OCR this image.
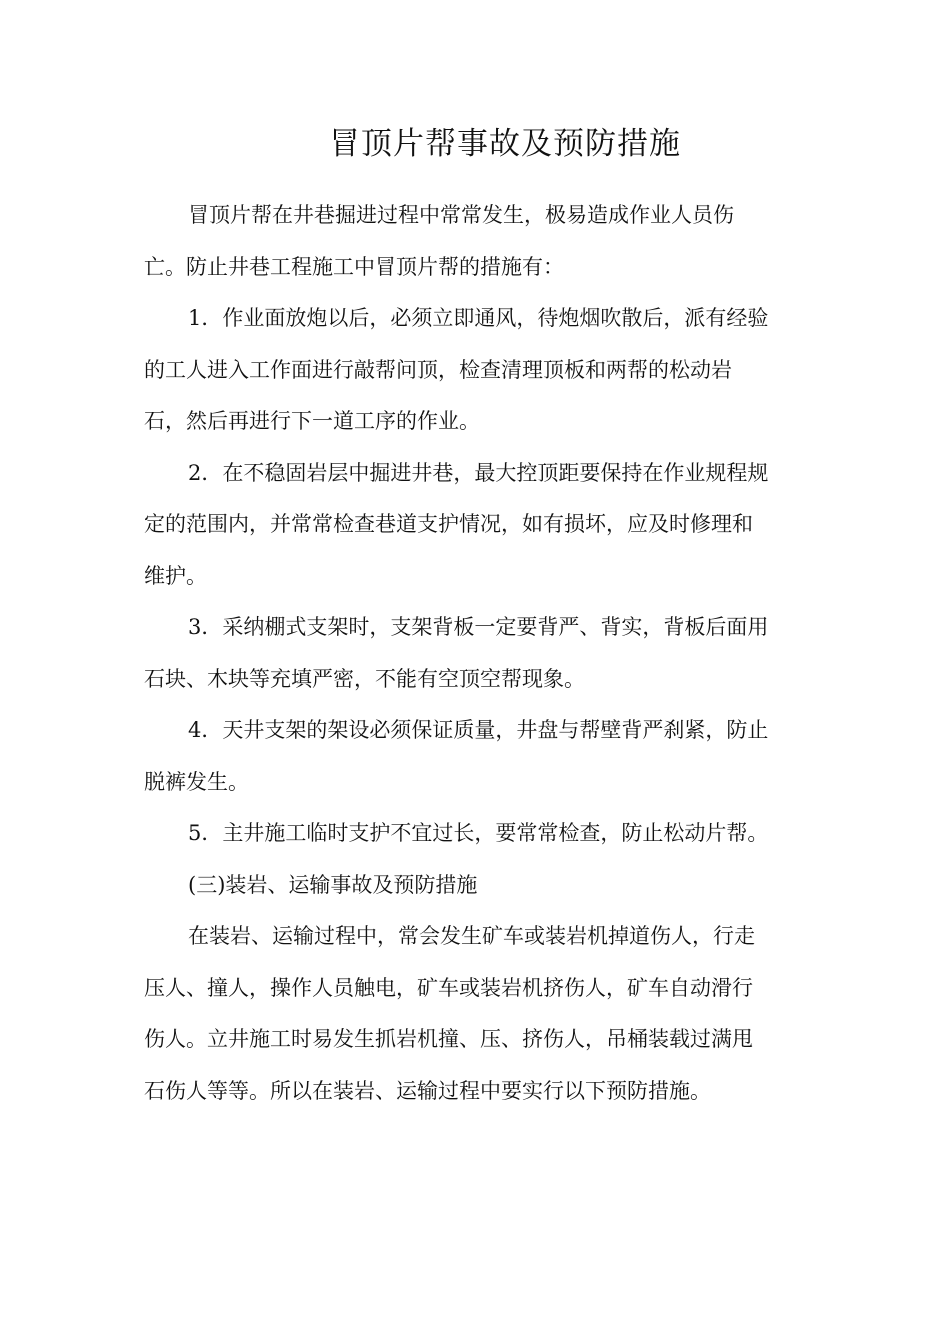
冒顶片帮事故及预防措施
冒顶片帮在井巷掘进过程中常常发生，极易造成作业人员伤
亡。防止井巷工程施工中冒顶片帮的措施有：
1．作业面放炮以后，必须立即通风，待炮烟吹散后，派有经验
的工人进入工作面进行敲帮问顶，检查清理顶板和两帮的松动岩
石，然后再进行下一道工序的作业。
2．在不稳固岩层中掘进井巷，最大控顶距要保持在作业规程规
定的范围内，并常常检查巷道支护情况，如有损坏，应及时修理和
维护。
3．采纳棚式支架时，支架背板一定要背严、背实，背板后面用
石块、木块等充填严密，不能有空顶空帮现象。
4．天井支架的架设必须保证质量，井盘与帮壁背严刹紧，防止
脱裤发生。
5．主井施工临时支护不宜过长，要常常检查，防止松动片帮。
(三)装岩、运输事故及预防措施
在装岩、运输过程中，常会发生矿车或装岩机掉道伤人，行走
压人、撞人，操作人员触电，矿车或装岩机挤伤人，矿车自动滑行
伤人。立井施工时易发生抓岩机撞、压、挤伤人，吊桶装载过满甩
石伤人等等。所以在装岩、运输过程中要实行以下预防措施。
